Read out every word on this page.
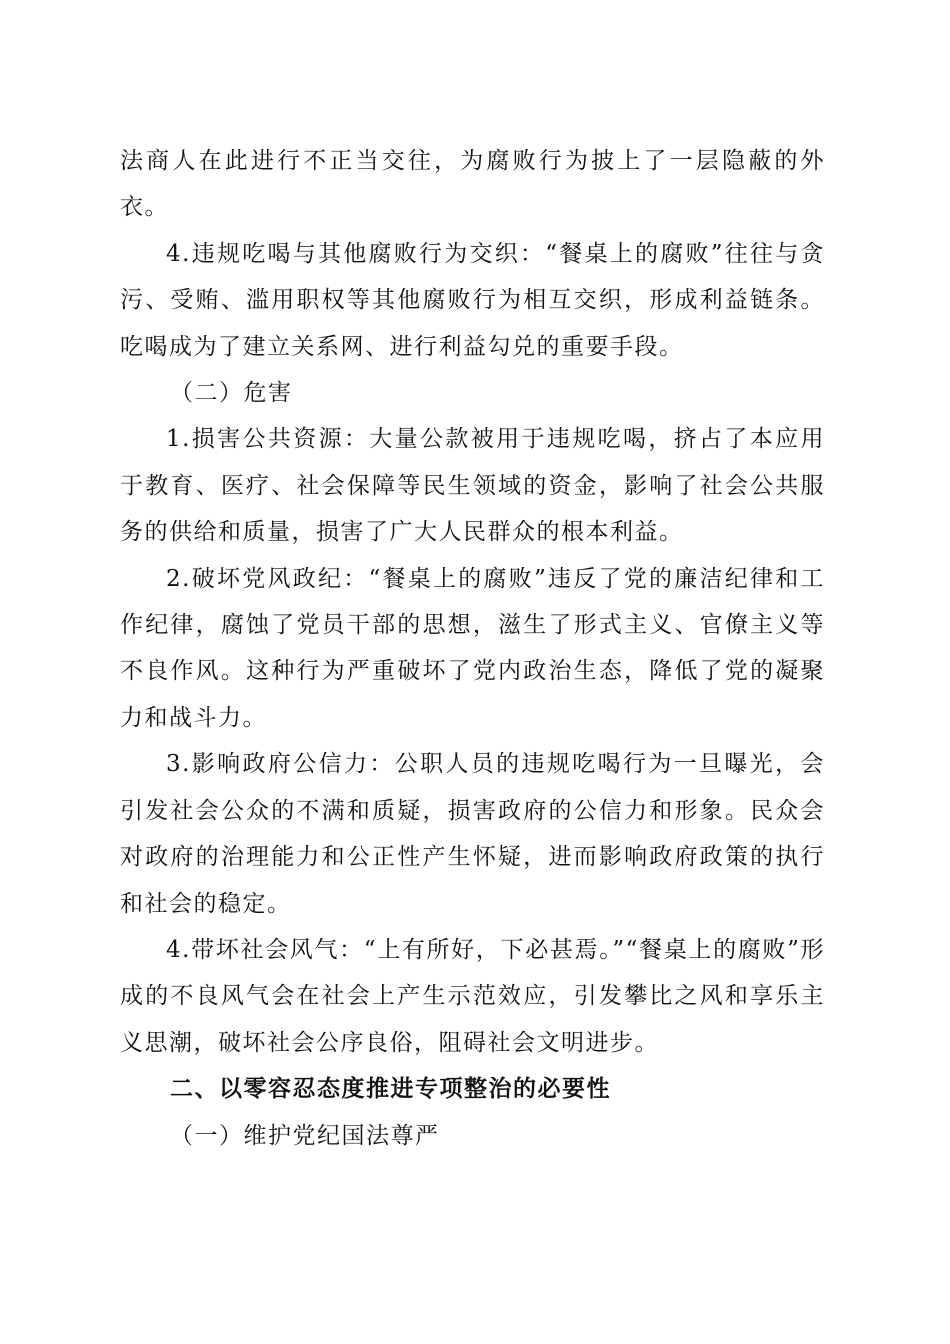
法商人在此进行不正当交往，为腐败行为披上了一层隐蔽的外衣。

4.违规吃喝与其他腐败行为交织：“餐桌上的腐败”往往与贪污、受贿、滥用职权等其他腐败行为相互交织，形成利益链条。吃喝成为了建立关系网、进行利益勾兑的重要手段。

（二）危害

1.损害公共资源：大量公款被用于违规吃喝，挤占了本应用于教育、医疗、社会保障等民生领域的资金，影响了社会公共服务的供给和质量，损害了广大人民群众的根本利益。

2.破坏党风政纪：“餐桌上的腐败”违反了党的廉洁纪律和工作纪律，腐蚀了党员干部的思想，滋生了形式主义、官僚主义等不良作风。这种行为严重破坏了党内政治生态，降低了党的凝聚力和战斗力。

3.影响政府公信力：公职人员的违规吃喝行为一旦曝光，会引发社会公众的不满和质疑，损害政府的公信力和形象。民众会对政府的治理能力和公正性产生怀疑，进而影响政府政策的执行和社会的稳定。

4.带坏社会风气：“上有所好，下必甚焉。”“餐桌上的腐败”形成的不良风气会在社会上产生示范效应，引发攀比之风和享乐主义思潮，破坏社会公序良俗，阻碍社会文明进步。

二、以零容忍态度推进专项整治的必要性

（一）维护党纪国法尊严
